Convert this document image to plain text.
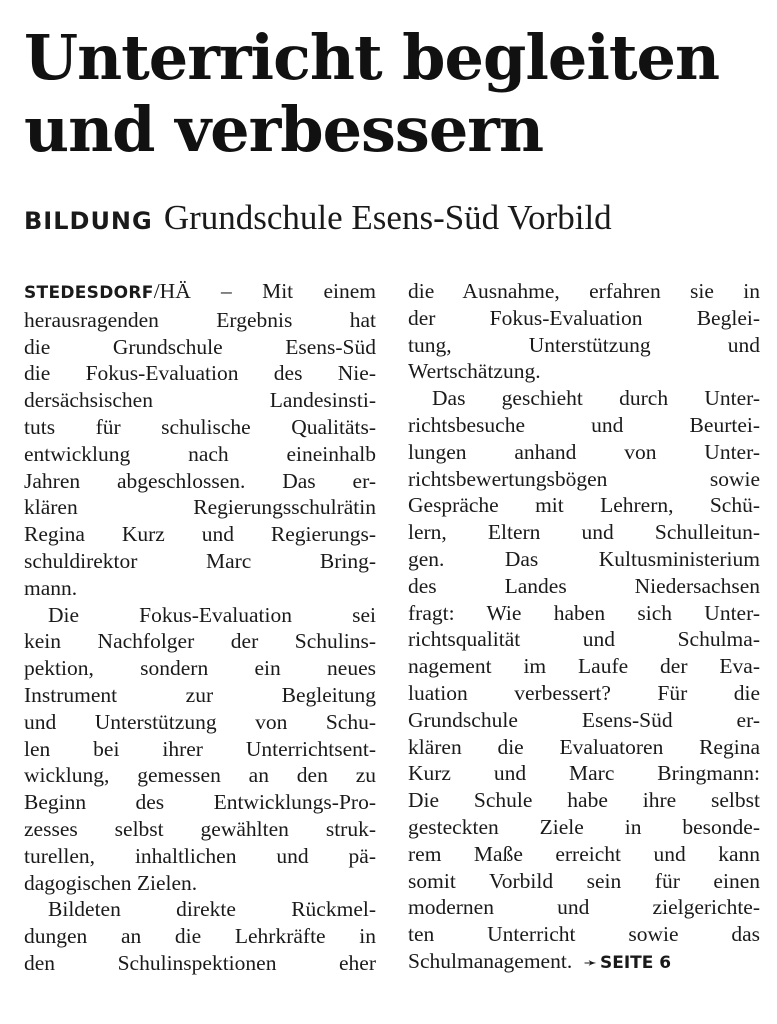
Unterricht begleiten
und verbessern
BILDUNG Grundschule Esens-Süd Vorbild

STEDESDORF/HÄ – Mit einem
herausragenden Ergebnis hat
die Grundschule Esens-Süd
die Fokus-Evaluation des Nie-
dersächsischen Landesinsti-
tuts für schulische Qualitäts-
entwicklung nach eineinhalb
Jahren abgeschlossen. Das er-
klären Regierungsschulrätin
Regina Kurz und Regierungs-
schuldirektor Marc Bring-
mann.

Die Fokus-Evaluation sei
kein Nachfolger der Schulins-
pektion, sondern ein neues
Instrument zur Begleitung
und Unterstützung von Schu-
len bei ihrer Unterrichtsent-
wicklung, gemessen an den zu
Beginn des Entwicklungs-Pro-
zesses selbst gewählten struk-
turellen, inhaltlichen und pä-
dagogischen Zielen.

Bildeten direkte Rückmel-
dungen an die Lehrkräfte in
den Schulinspektionen eher

die Ausnahme, erfahren sie in
der Fokus-Evaluation Beglei-
tung, Unterstützung und
Wertschätzung.

Das geschieht durch Unter-
richtsbesuche und Beurtei-
lungen anhand von Unter-
richtsbewertungsbögen sowie
Gespräche mit Lehrern, Schü-
lern, Eltern und Schulleitun-
gen. Das Kultusministerium
des Landes Niedersachsen
fragt: Wie haben sich Unter-
richtsqualität und Schulma-
nagement im Laufe der Eva-
luation verbessert? Für die
Grundschule Esens-Süd er-
klären die Evaluatoren Regina
Kurz und Marc Bringmann:
Die Schule habe ihre selbst
gesteckten Ziele in besonde-
rem Maße erreicht und kann
somit Vorbild sein für einen
modernen und zielgerichte-
ten Unterricht sowie das
Schulmanagement. ➛ SEITE 6
